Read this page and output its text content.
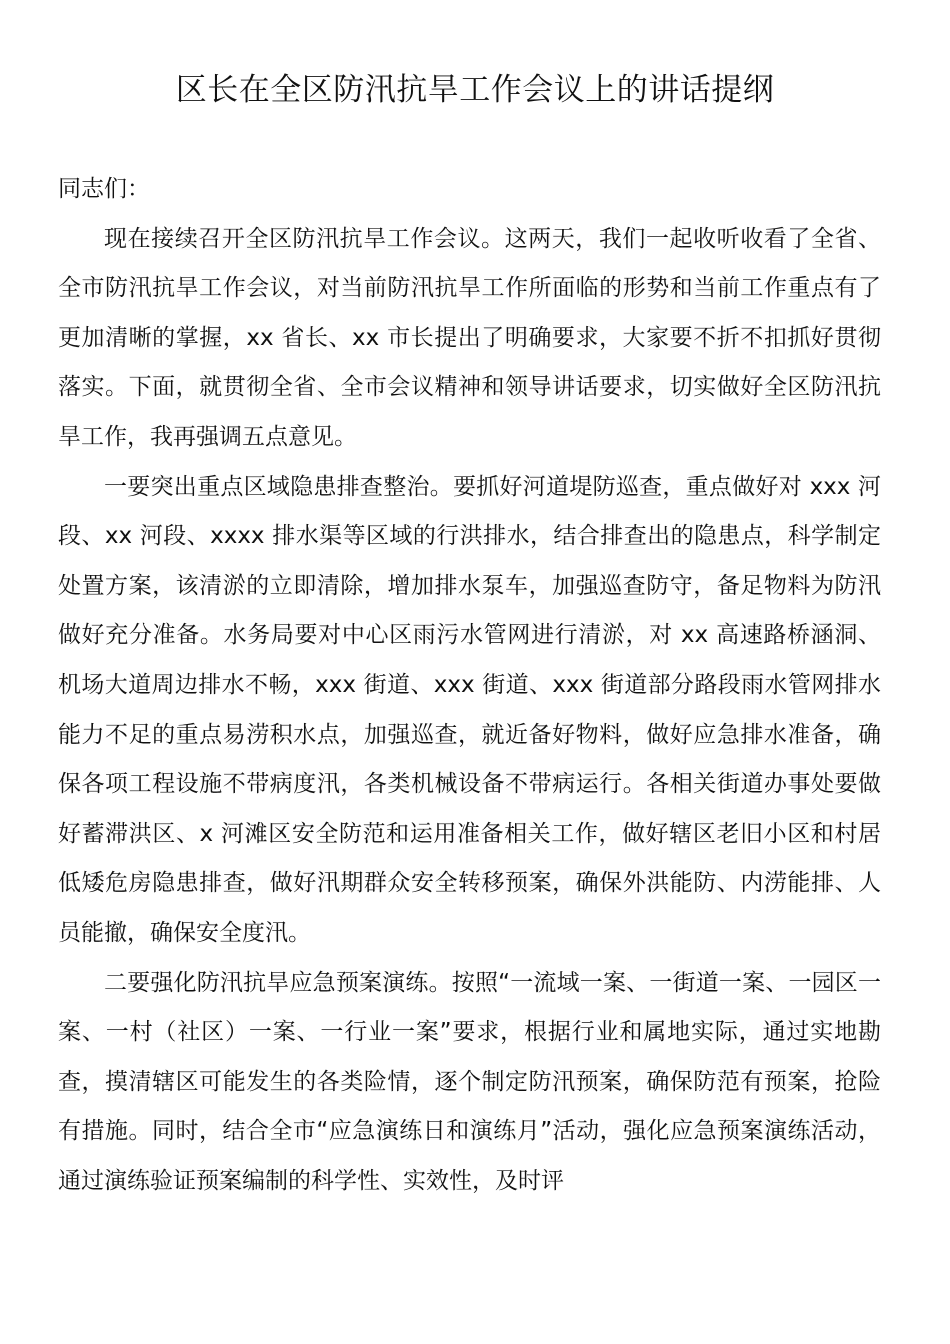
区长在全区防汛抗旱工作会议上的讲话提纲

同志们：

现在接续召开全区防汛抗旱工作会议。这两天，我们一起收听收看了全省、全市防汛抗旱工作会议，对当前防汛抗旱工作所面临的形势和当前工作重点有了更加清晰的掌握，xx 省长、xx 市长提出了明确要求，大家要不折不扣抓好贯彻落实。下面，就贯彻全省、全市会议精神和领导讲话要求，切实做好全区防汛抗旱工作，我再强调五点意见。

一要突出重点区域隐患排查整治。要抓好河道堤防巡查，重点做好对 xxx 河段、xx 河段、xxxx 排水渠等区域的行洪排水，结合排查出的隐患点，科学制定处置方案，该清淤的立即清除，增加排水泵车，加强巡查防守，备足物料为防汛做好充分准备。水务局要对中心区雨污水管网进行清淤，对 xx 高速路桥涵洞、机场大道周边排水不畅，xxx 街道、xxx 街道、xxx 街道部分路段雨水管网排水能力不足的重点易涝积水点，加强巡查，就近备好物料，做好应急排水准备，确保各项工程设施不带病度汛，各类机械设备不带病运行。各相关街道办事处要做好蓄滞洪区、x 河滩区安全防范和运用准备相关工作，做好辖区老旧小区和村居低矮危房隐患排查，做好汛期群众安全转移预案，确保外洪能防、内涝能排、人员能撤，确保安全度汛。

二要强化防汛抗旱应急预案演练。按照“一流域一案、一街道一案、一园区一案、一村（社区）一案、一行业一案”要求，根据行业和属地实际，通过实地勘查，摸清辖区可能发生的各类险情，逐个制定防汛预案，确保防范有预案，抢险有措施。同时，结合全市“应急演练日和演练月”活动，强化应急预案演练活动，通过演练验证预案编制的科学性、实效性，及时评
